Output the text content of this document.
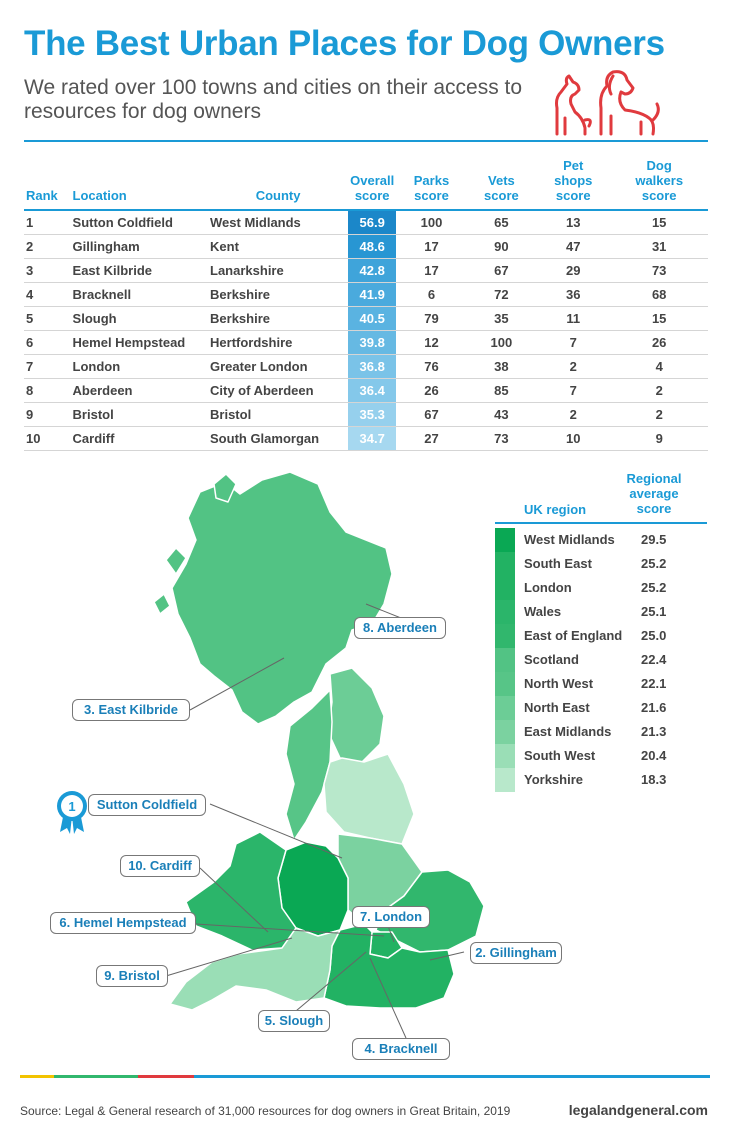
The Best Urban Places for Dog Owners
We rated over 100 towns and cities on their access to resources for dog owners
Rank	Location	County	Overall score	Parks score	Vets score	Pet shops score	Dog walkers score
1	Sutton Coldfield	West Midlands	56.9	100	65	13	15
2	Gillingham	Kent	48.6	17	90	47	31
3	East Kilbride	Lanarkshire	42.8	17	67	29	73
4	Bracknell	Berkshire	41.9	6	72	36	68
5	Slough	Berkshire	40.5	79	35	11	15
6	Hemel Hempstead	Hertfordshire	39.8	12	100	7	26
7	London	Greater London	36.8	76	38	2	4
8	Aberdeen	City of Aberdeen	36.4	26	85	7	2
9	Bristol	Bristol	35.3	67	43	2	2
10	Cardiff	South Glamorgan	34.7	27	73	10	9
8. Aberdeen
3. East Kilbride
Sutton Coldfield
10. Cardiff
6. Hemel Hempstead	7. London
2. Gillingham
9. Bristol
5. Slough
4. Bracknell
UK region
Regional average score
West Midlands 29.5
South East	25.2
London	25.2
Wales	25.1
East of England 25.0
Scotland	22.4
North West	22.1
North East	21.6
East Midlands 21.3
South West	20.4
Yorkshire	18.3
Source: Legal & General research of 31,000 resources for dog owners in Great Britain, 2019	legalandgeneral.com
1
